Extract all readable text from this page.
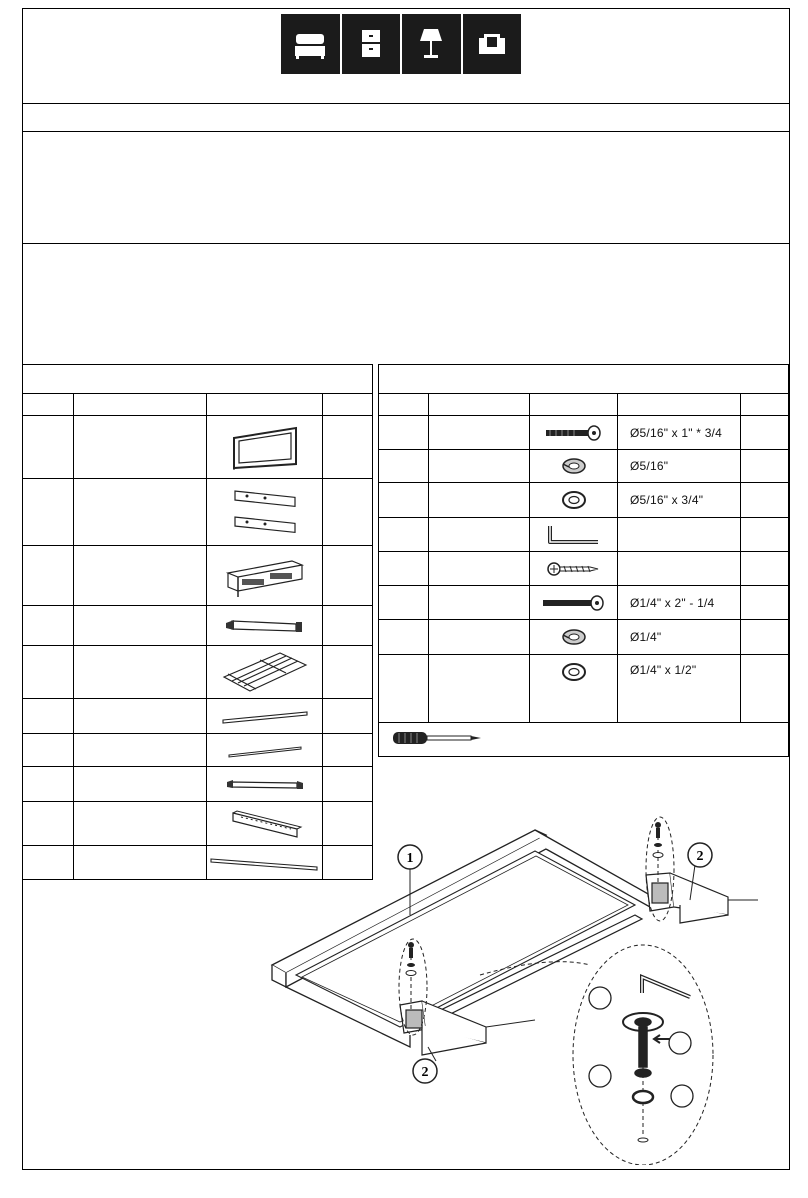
	Ø5/16" x 1" * 3/4	

	Ø5/16"	

	Ø5/16" x 3/4"	

	Ø1/4" x 2" - 1/4	

	Ø1/4"	

	Ø1/4" x 1/2"	

1	2
2
